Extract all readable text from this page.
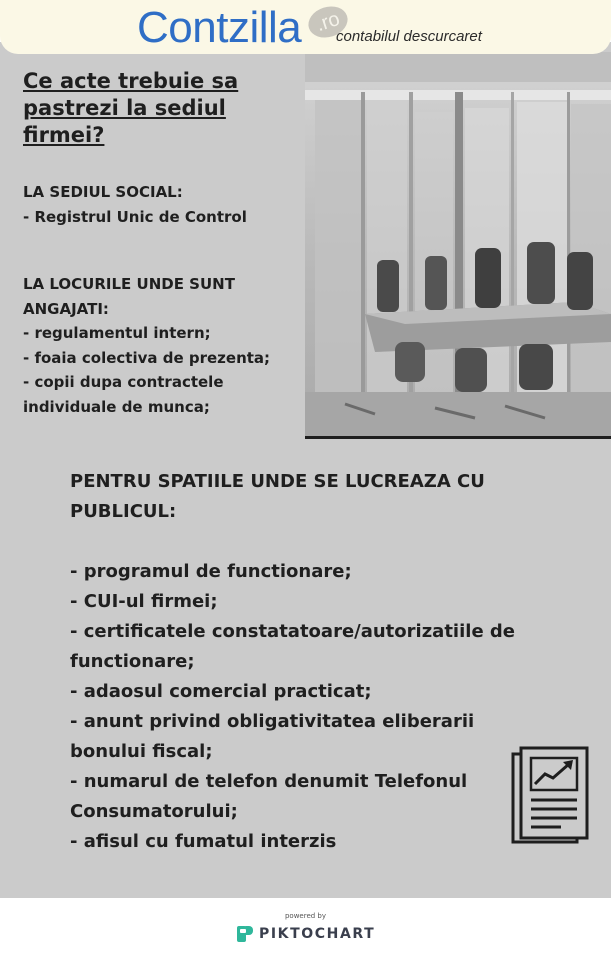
Contzilla .ro
contabilul descurcaret
Ce acte trebuie sa pastrezi la sediul firmei?
LA SEDIUL SOCIAL:
- Registrul Unic de Control
LA LOCURILE UNDE SUNT ANGAJATI:
- regulamentul intern;
- foaia colectiva de prezenta;
- copii dupa contractele individuale de munca;
PENTRU SPATIILE UNDE SE LUCREAZA CU PUBLICUL:
- programul de functionare;
- CUI-ul firmei;
- certificatele constatatoare/autorizatiile de functionare;
- adaosul comercial practicat;
- anunt privind obligativitatea eliberarii bonului fiscal;
- numarul de telefon denumit Telefonul Consumatorului;
- afisul cu fumatul interzis
powered by
PIKTOCHART
